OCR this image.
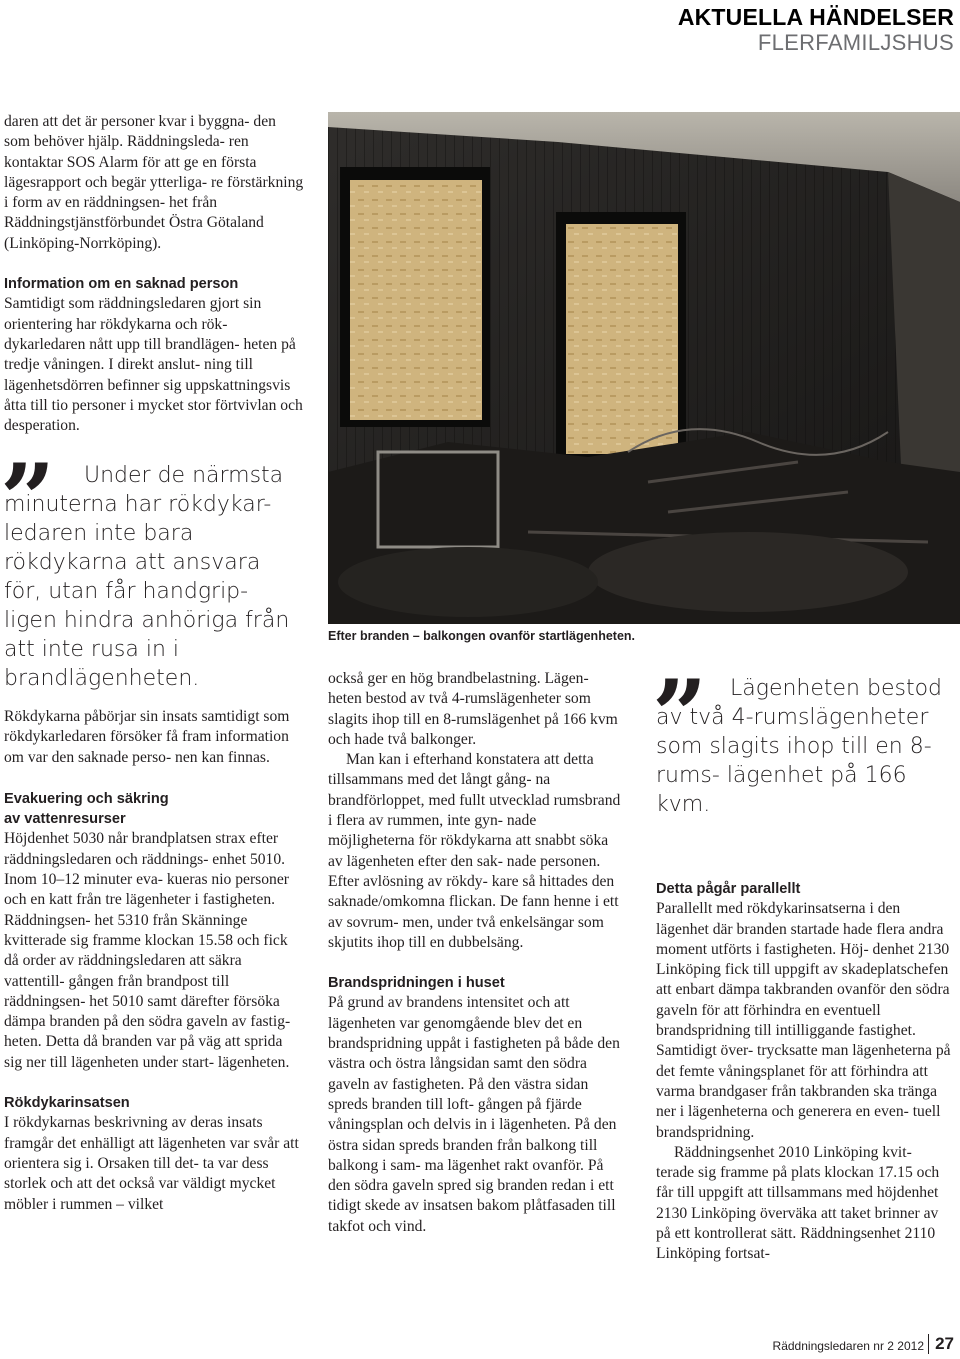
AKTUELLA HÄNDELSER
FLERFAMILJSHUS

daren att det är personer kvar i byggna- den som behöver hjälp. Räddningsleda- ren kontaktar SOS Alarm för att ge en första lägesrapport och begär ytterliga- re förstärkning i form av en räddningsen- het från Räddningstjänstförbundet Östra Götaland (Linköping-Norrköping).

Information om en saknad person

Samtidigt som räddningsledaren gjort sin orientering har rökdykarna och rök- dykarledaren nått upp till brandlägen- heten på tredje våningen. I direkt anslut- ning till lägenhetsdörren befinner sig uppskattningsvis åtta till tio personer i mycket stor förtvivlan och desperation.

”	Under de närmsta minuterna har rökdykar- ledaren inte bara rökdykarna att ansvara för, utan får handgrip- ligen hindra anhöriga från att inte rusa in i brandlägenheten.
Efter branden – balkongen ovanför startlägenheten.

Rökdykarna påbörjar sin insats samtidigt som rökdykarledaren försöker få fram information om var den saknade perso- nen kan finnas.

Evakuering och säkring av vattenresurser

Höjdenhet 5030 når brandplatsen strax efter räddningsledaren och räddnings- enhet 5010. Inom 10–12 minuter eva- kueras nio personer och en katt från tre lägenheter i fastigheten. Räddningsen- het 5310 från Skänninge kvitterade sig framme klockan 15.58 och fick då order av räddningsledaren att säkra vattentill- gången från brandpost till räddningsen- het 5010 samt därefter försöka dämpa branden på den södra gaveln av fastig- heten. Detta då branden var på väg att sprida sig ner till lägenheten under start- lägenheten.

Rökdykarinsatsen

I rökdykarnas beskrivning av deras insats framgår det enhälligt att lägenheten var svår att orientera sig i. Orsaken till det- ta var dess storlek och att det också var väldigt mycket möbler i rummen – vilket

också ger en hög brandbelastning. Lägen- heten bestod av två 4-rumslägenheter som slagits ihop till en 8-rumslägenhet på 166 kvm och hade två balkonger.

Man kan i efterhand konstatera att detta tillsammans med det långt gång- na brandförloppet, med fullt utvecklad rumsbrand i flera av rummen, inte gyn- nade möjligheterna för rökdykarna att snabbt söka av lägenheten efter den sak- nade personen. Efter avlösning av rökdy- kare så hittades den saknade/omkomna flickan. De fann henne i ett av sovrum- men, under två enkelsängar som skjutits ihop till en dubbelsäng.

Brandspridningen i huset

På grund av brandens intensitet och att lägenheten var genomgående blev det en brandspridning uppåt i fastigheten på både den västra och östra långsidan samt den södra gaveln av fastigheten. På den västra sidan spreds branden till loft- gången på fjärde våningsplan och delvis in i lägenheten. På den östra sidan spreds branden från balkong till balkong i sam- ma lägenhet rakt ovanför. På den södra gaveln spred sig branden redan i ett tidigt skede av insatsen bakom plåtfasaden till takfot och vind.

”	Lägenheten bestod av två 4-rumslägenheter som slagits ihop till en 8-rums- lägenhet på 166 kvm.

Detta pågår parallellt

Parallellt med rökdykarinsatserna i den lägenhet där branden startade hade flera andra moment utförts i fastigheten. Höj- denhet 2130 Linköping fick till uppgift av skadeplatschefen att enbart dämpa takbranden ovanför den södra gaveln för att förhindra en eventuell brandspridning till intilliggande fastighet. Samtidigt över- trycksatte man lägenheterna på det femte våningsplanet för att förhindra att varma brandgaser från takbranden ska tränga ner i lägenheterna och generera en even- tuell brandspridning.

Räddningsenhet 2010 Linköping kvit- terade sig framme på plats klockan 17.15 och får till uppgift att tillsammans med höjdenhet 2130 Linköping överväka att taket brinner av på ett kontrollerat sätt. Räddningsenhet 2110 Linköping fortsat-

Räddningsledaren nr 2 2012 27
